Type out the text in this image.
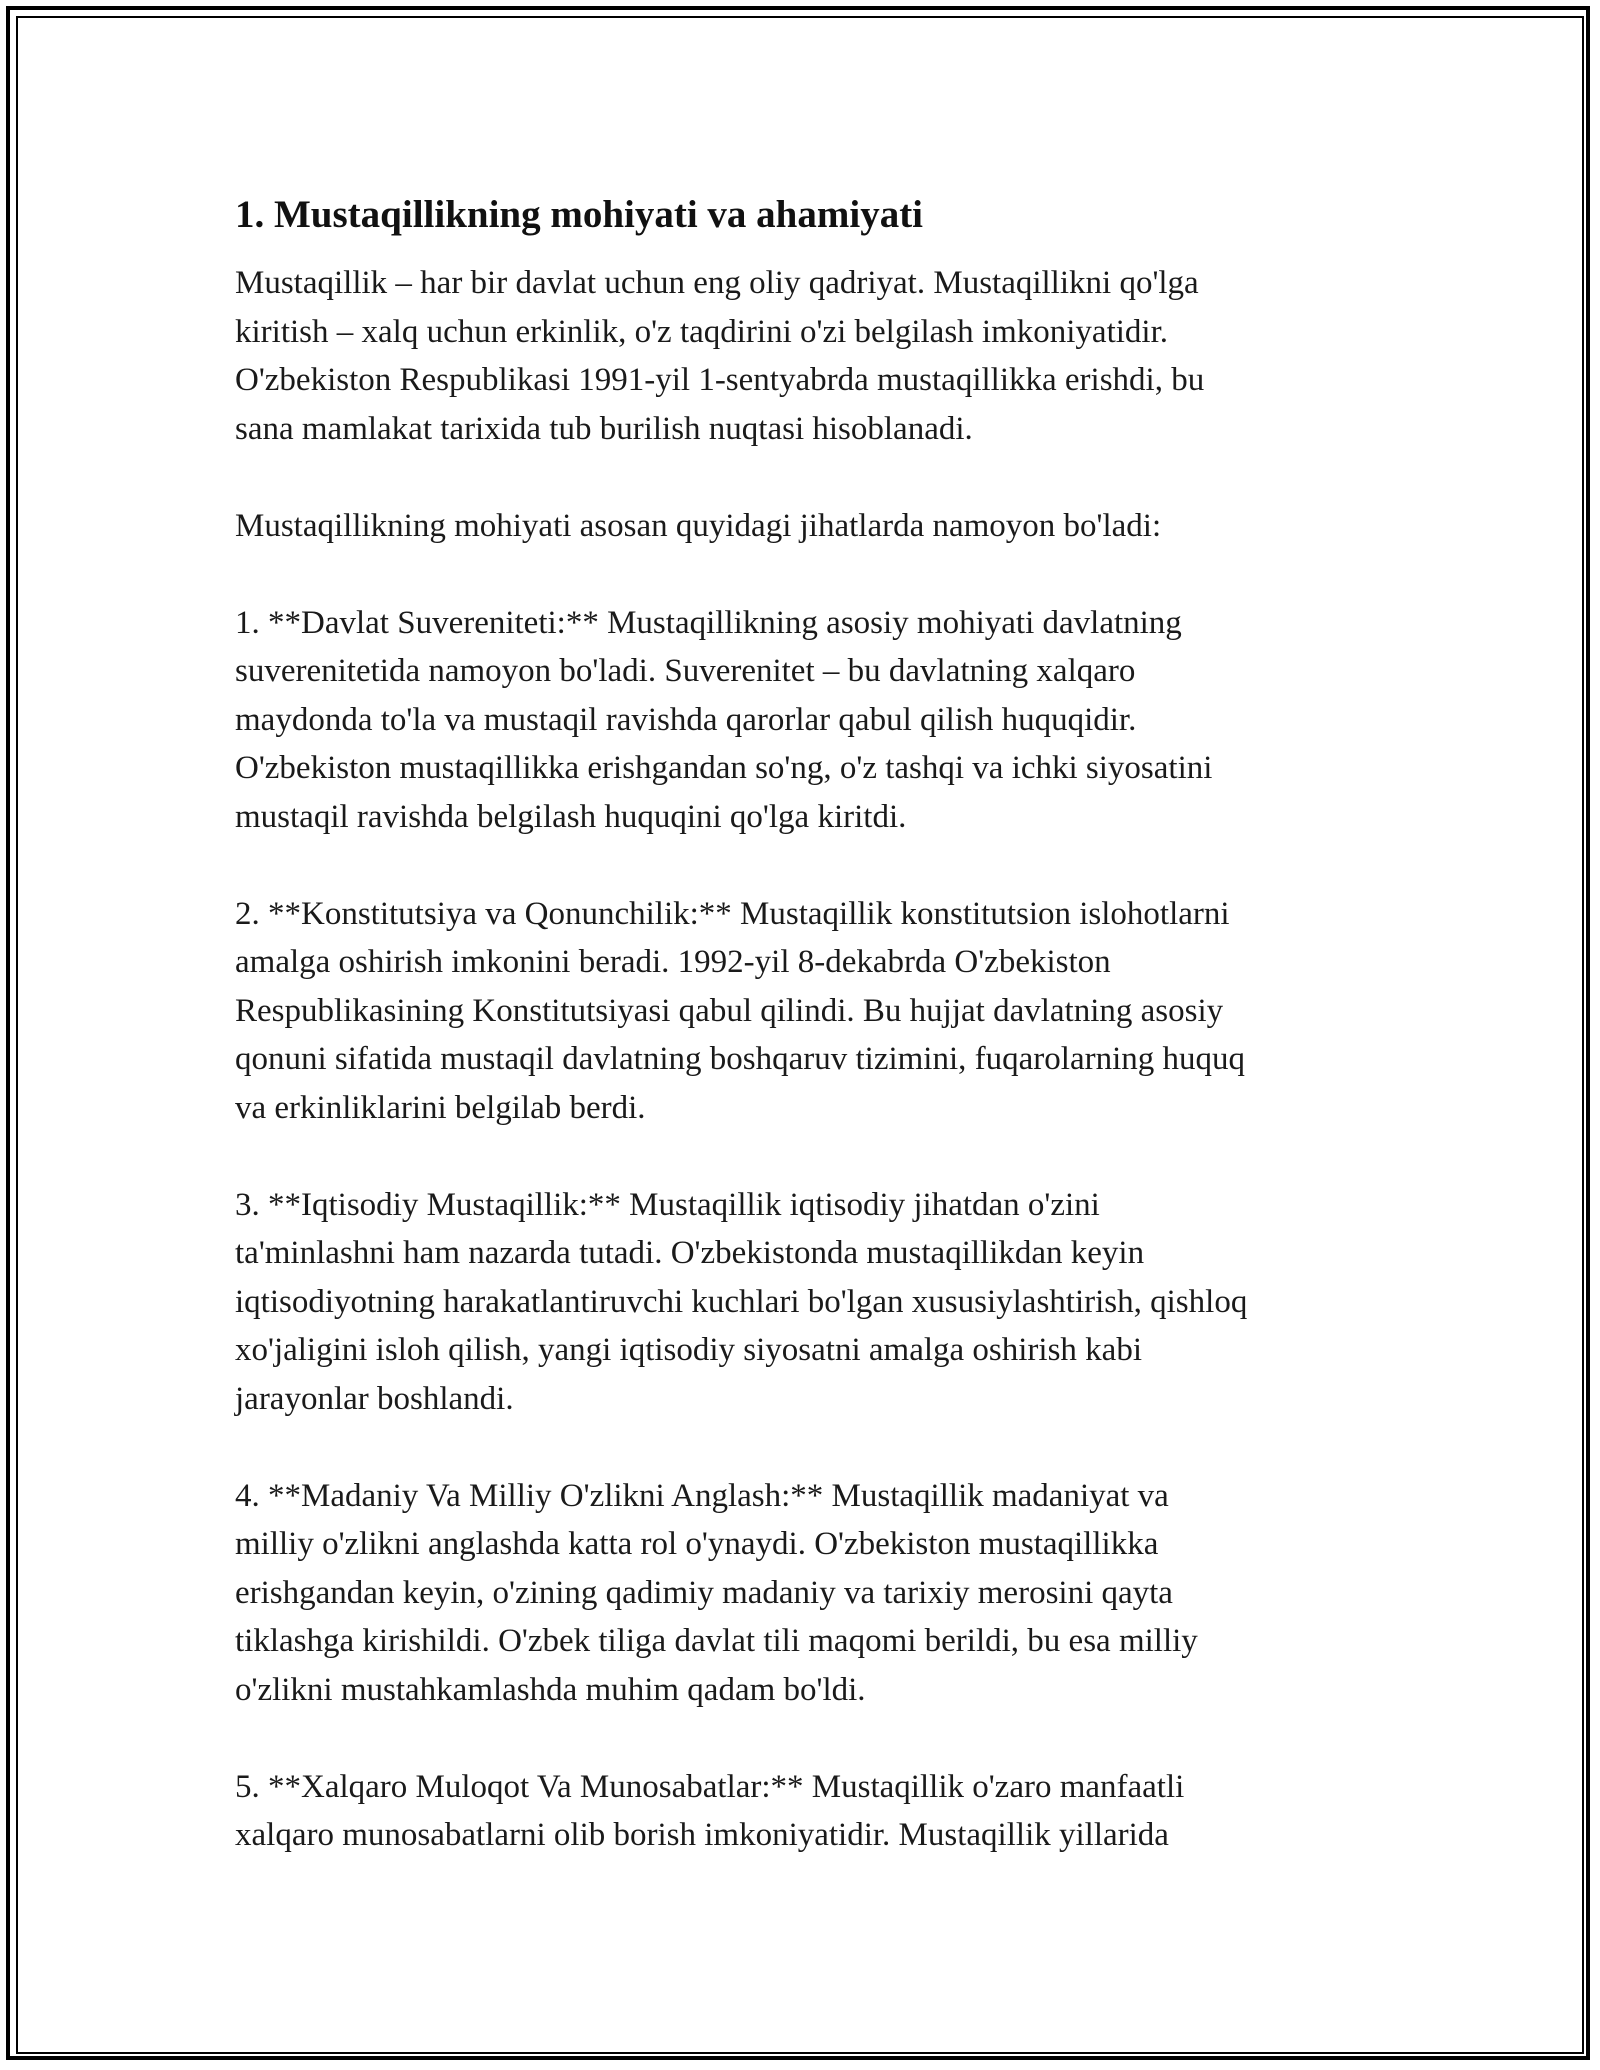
1. Mustaqillikning mohiyati va ahamiyati

Mustaqillik – har bir davlat uchun eng oliy qadriyat. Mustaqillikni qo'lga
kiritish – xalq uchun erkinlik, o'z taqdirini o'zi belgilash imkoniyatidir.
O'zbekiston Respublikasi 1991-yil 1-sentyabrda mustaqillikka erishdi, bu
sana mamlakat tarixida tub burilish nuqtasi hisoblanadi.

Mustaqillikning mohiyati asosan quyidagi jihatlarda namoyon bo'ladi:

1. **Davlat Suvereniteti:** Mustaqillikning asosiy mohiyati davlatning
suverenitetida namoyon bo'ladi. Suverenitet – bu davlatning xalqaro
maydonda to'la va mustaqil ravishda qarorlar qabul qilish huquqidir.
O'zbekiston mustaqillikka erishgandan so'ng, o'z tashqi va ichki siyosatini
mustaqil ravishda belgilash huquqini qo'lga kiritdi.

2. **Konstitutsiya va Qonunchilik:** Mustaqillik konstitutsion islohotlarni
amalga oshirish imkonini beradi. 1992-yil 8-dekabrda O'zbekiston
Respublikasining Konstitutsiyasi qabul qilindi. Bu hujjat davlatning asosiy
qonuni sifatida mustaqil davlatning boshqaruv tizimini, fuqarolarning huquq
va erkinliklarini belgilab berdi.

3. **Iqtisodiy Mustaqillik:** Mustaqillik iqtisodiy jihatdan o'zini
ta'minlashni ham nazarda tutadi. O'zbekistonda mustaqillikdan keyin
iqtisodiyotning harakatlantiruvchi kuchlari bo'lgan xususiylashtirish, qishloq
xo'jaligini isloh qilish, yangi iqtisodiy siyosatni amalga oshirish kabi
jarayonlar boshlandi.

4. **Madaniy Va Milliy O'zlikni Anglash:** Mustaqillik madaniyat va
milliy o'zlikni anglashda katta rol o'ynaydi. O'zbekiston mustaqillikka
erishgandan keyin, o'zining qadimiy madaniy va tarixiy merosini qayta
tiklashga kirishildi. O'zbek tiliga davlat tili maqomi berildi, bu esa milliy
o'zlikni mustahkamlashda muhim qadam bo'ldi.

5. **Xalqaro Muloqot Va Munosabatlar:** Mustaqillik o'zaro manfaatli
xalqaro munosabatlarni olib borish imkoniyatidir. Mustaqillik yillarida
